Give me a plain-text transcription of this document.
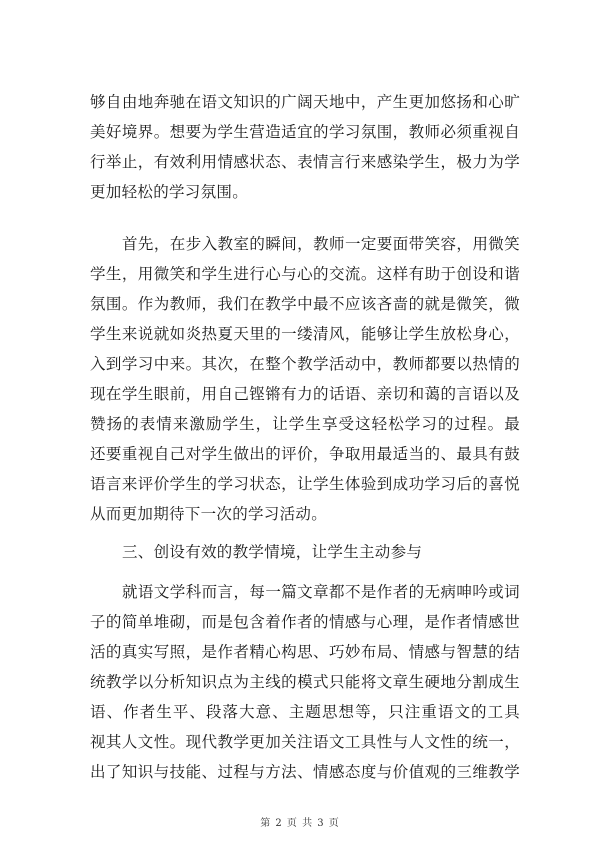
够自由地奔驰在语文知识的广阔天地中，产生更加悠扬和心旷
美好境界。想要为学生营造适宜的学习氛围，教师必须重视自
行举止，有效利用情感状态、表情言行来感染学生，极力为学
更加轻松的学习氛围。
首先，在步入教室的瞬间，教师一定要面带笑容，用微笑
学生，用微笑和学生进行心与心的交流。这样有助于创设和谐
氛围。作为教师，我们在教学中最不应该吝啬的就是微笑，微
学生来说就如炎热夏天里的一缕清风，能够让学生放松身心，
入到学习中来。其次，在整个教学活动中，教师都要以热情的
现在学生眼前，用自己铿锵有力的话语、亲切和蔼的言语以及
赞扬的表情来激励学生，让学生享受这轻松学习的过程。最
还要重视自己对学生做出的评价，争取用最适当的、最具有鼓
语言来评价学生的学习状态，让学生体验到成功学习后的喜悦
从而更加期待下一次的学习活动。
三、创设有效的教学情境，让学生主动参与
就语文学科而言，每一篇文章都不是作者的无病呻吟或词
子的简单堆砌，而是包含着作者的情感与心理，是作者情感世
活的真实写照，是作者精心构思、巧妙布局、情感与智慧的结
统教学以分析知识点为主线的模式只能将文章生硬地分割成生
语、作者生平、段落大意、主题思想等，只注重语文的工具
视其人文性。现代教学更加关注语文工具性与人文性的统一，
出了知识与技能、过程与方法、情感态度与价值观的三维教学
第 2 页 共 3 页
